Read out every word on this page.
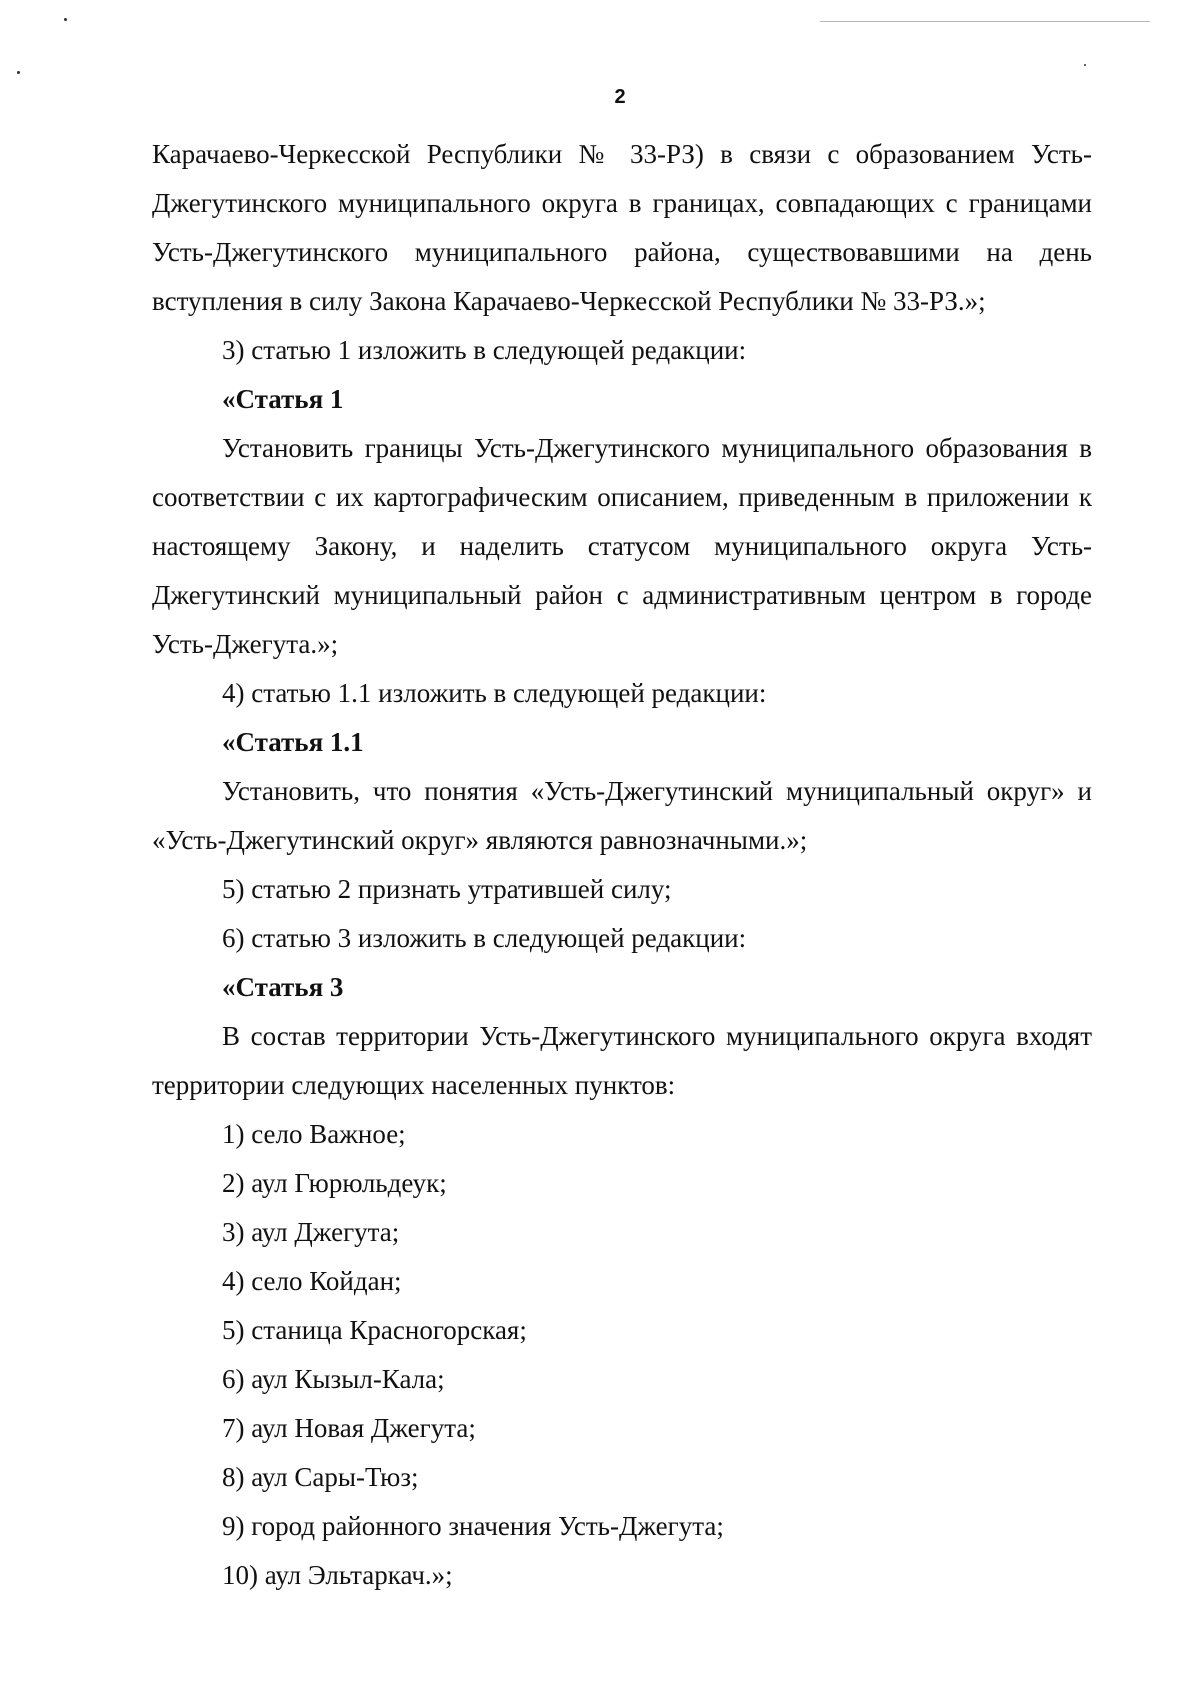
2

Карачаево-Черкесской Республики № 33-РЗ) в связи с образованием Усть-Джегутинского муниципального округа в границах, совпадающих с границами Усть-Джегутинского муниципального района, существовавшими на день вступления в силу Закона Карачаево-Черкесской Республики № 33-РЗ.»;

3) статью 1 изложить в следующей редакции:

«Статья 1

Установить границы Усть-Джегутинского муниципального образования в соответствии с их картографическим описанием, приведенным в приложении к настоящему Закону, и наделить статусом муниципального округа Усть-Джегутинский муниципальный район с административным центром в городе Усть-Джегута.»;

4) статью 1.1 изложить в следующей редакции:

«Статья 1.1

Установить, что понятия «Усть-Джегутинский муниципальный округ» и «Усть-Джегутинский округ» являются равнозначными.»;

5) статью 2 признать утратившей силу;

6) статью 3 изложить в следующей редакции:

«Статья 3

В состав территории Усть-Джегутинского муниципального округа входят территории следующих населенных пунктов:

1) село Важное;

2) аул Гюрюльдеук;

3) аул Джегута;

4) село Койдан;

5) станица Красногорская;

6) аул Кызыл-Кала;

7) аул Новая Джегута;

8) аул Сары-Тюз;

9) город районного значения Усть-Джегута;

10) аул Эльтаркач.»;
